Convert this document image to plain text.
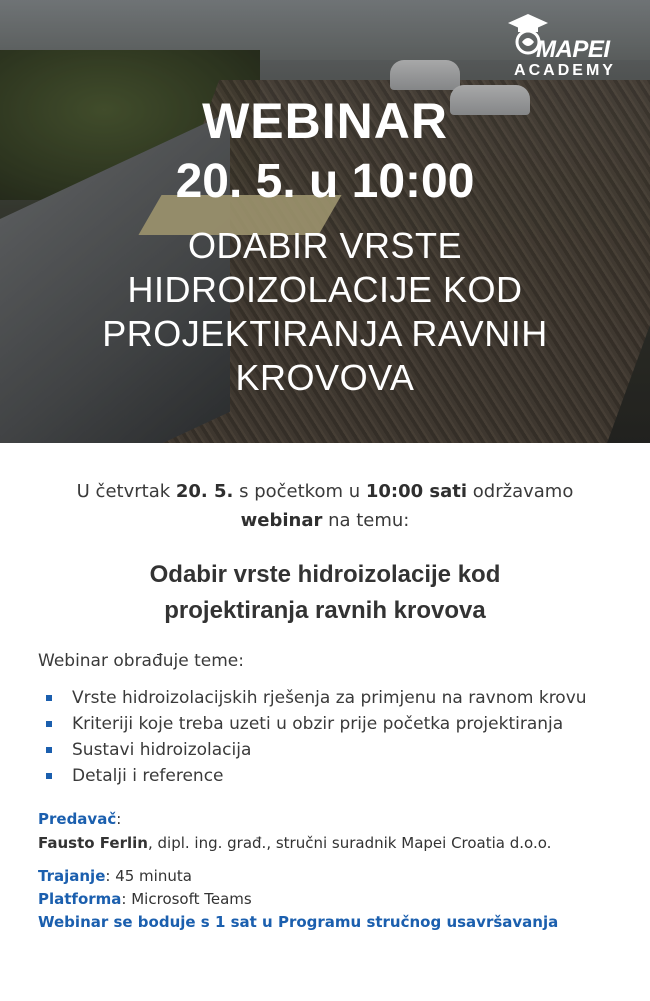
MAPEI
ACADEMY
WEBINAR
20. 5. u 10:00
ODABIR VRSTE
HIDROIZOLACIJE KOD
PROJEKTIRANJA RAVNIH
KROVOVA

U četvrtak 20. 5. s početkom u 10:00 sati održavamo
webinar na temu:

Odabir vrste hidroizolacije kod
projektiranja ravnih krovova

Webinar obrađuje teme:

Vrste hidroizolacijskih rješenja za primjenu na ravnom krovu
Kriteriji koje treba uzeti u obzir prije početka projektiranja
Sustavi hidroizolacija
Detalji i reference
Predavač:
Fausto Ferlin, dipl. ing. građ., stručni suradnik Mapei Croatia d.o.o.
Trajanje: 45 minuta
Platforma: Microsoft Teams
Webinar se boduje s 1 sat u Programu stručnog usavršavanja
